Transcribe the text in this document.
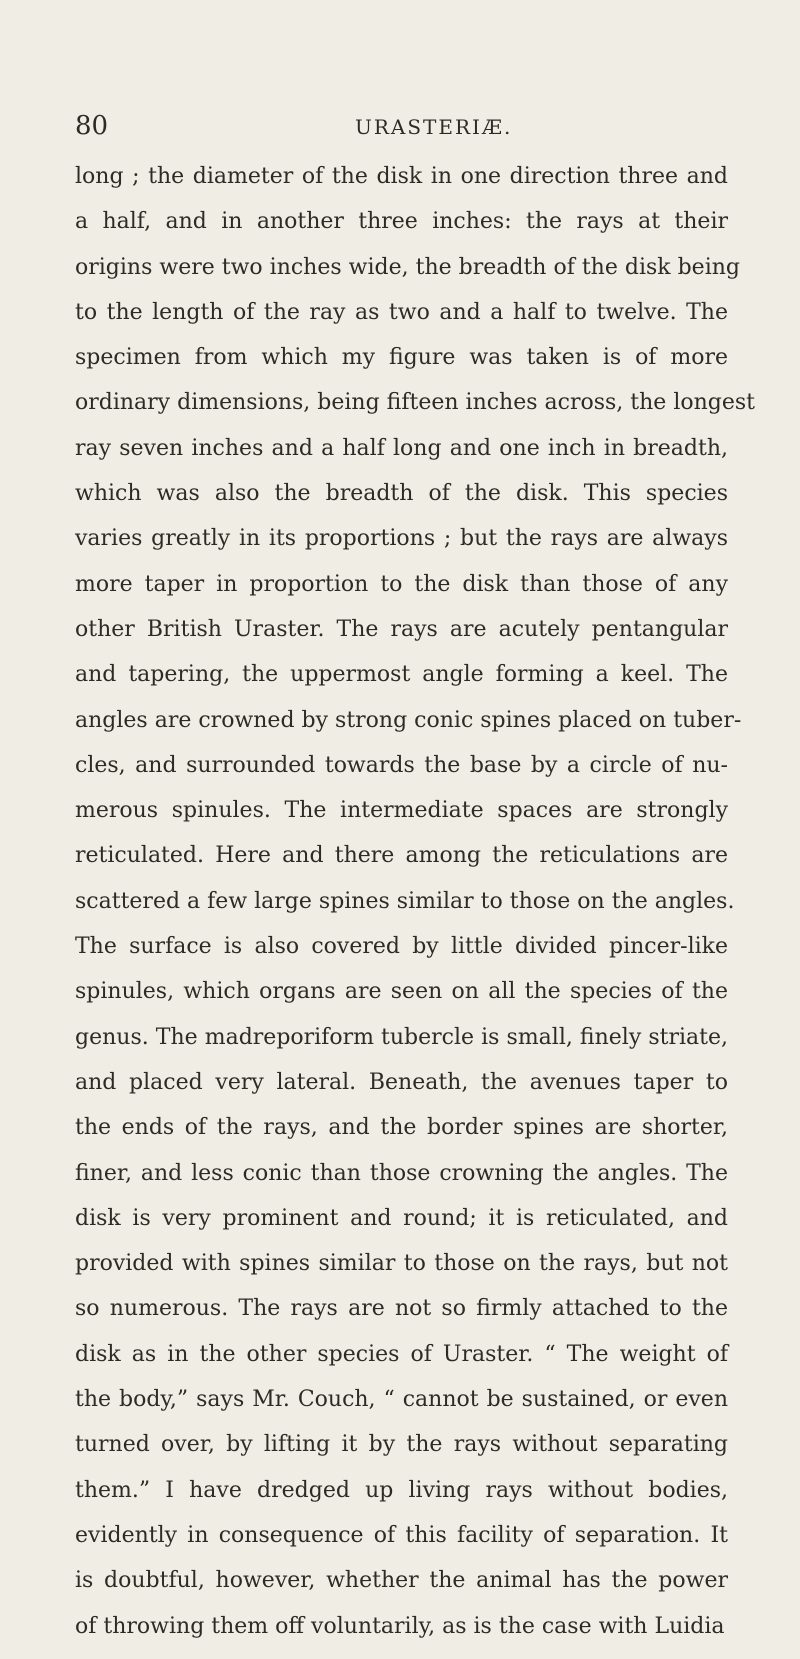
80	URASTERIÆ.
long ; the diameter of the disk in one direction three and
a half, and in another three inches: the rays at their
origins were two inches wide, the breadth of the disk being
to the length of the ray as two and a half to twelve. The
specimen from which my figure was taken is of more
ordinary dimensions, being fifteen inches across, the longest
ray seven inches and a half long and one inch in breadth,
which was also the breadth of the disk. This species
varies greatly in its proportions ; but the rays are always
more taper in proportion to the disk than those of any
other British Uraster. The rays are acutely pentangular
and tapering, the uppermost angle forming a keel. The
angles are crowned by strong conic spines placed on tuber-
cles, and surrounded towards the base by a circle of nu-
merous spinules. The intermediate spaces are strongly
reticulated. Here and there among the reticulations are
scattered a few large spines similar to those on the angles.
The surface is also covered by little divided pincer-like
spinules, which organs are seen on all the species of the
genus. The madreporiform tubercle is small, finely striate,
and placed very lateral. Beneath, the avenues taper to
the ends of the rays, and the border spines are shorter,
finer, and less conic than those crowning the angles. The
disk is very prominent and round; it is reticulated, and
provided with spines similar to those on the rays, but not
so numerous. The rays are not so firmly attached to the
disk as in the other species of Uraster. “ The weight of
the body,” says Mr. Couch, “ cannot be sustained, or even
turned over, by lifting it by the rays without separating
them.” I have dredged up living rays without bodies,
evidently in consequence of this facility of separation. It
is doubtful, however, whether the animal has the power
of throwing them off voluntarily, as is the case with Luidia
